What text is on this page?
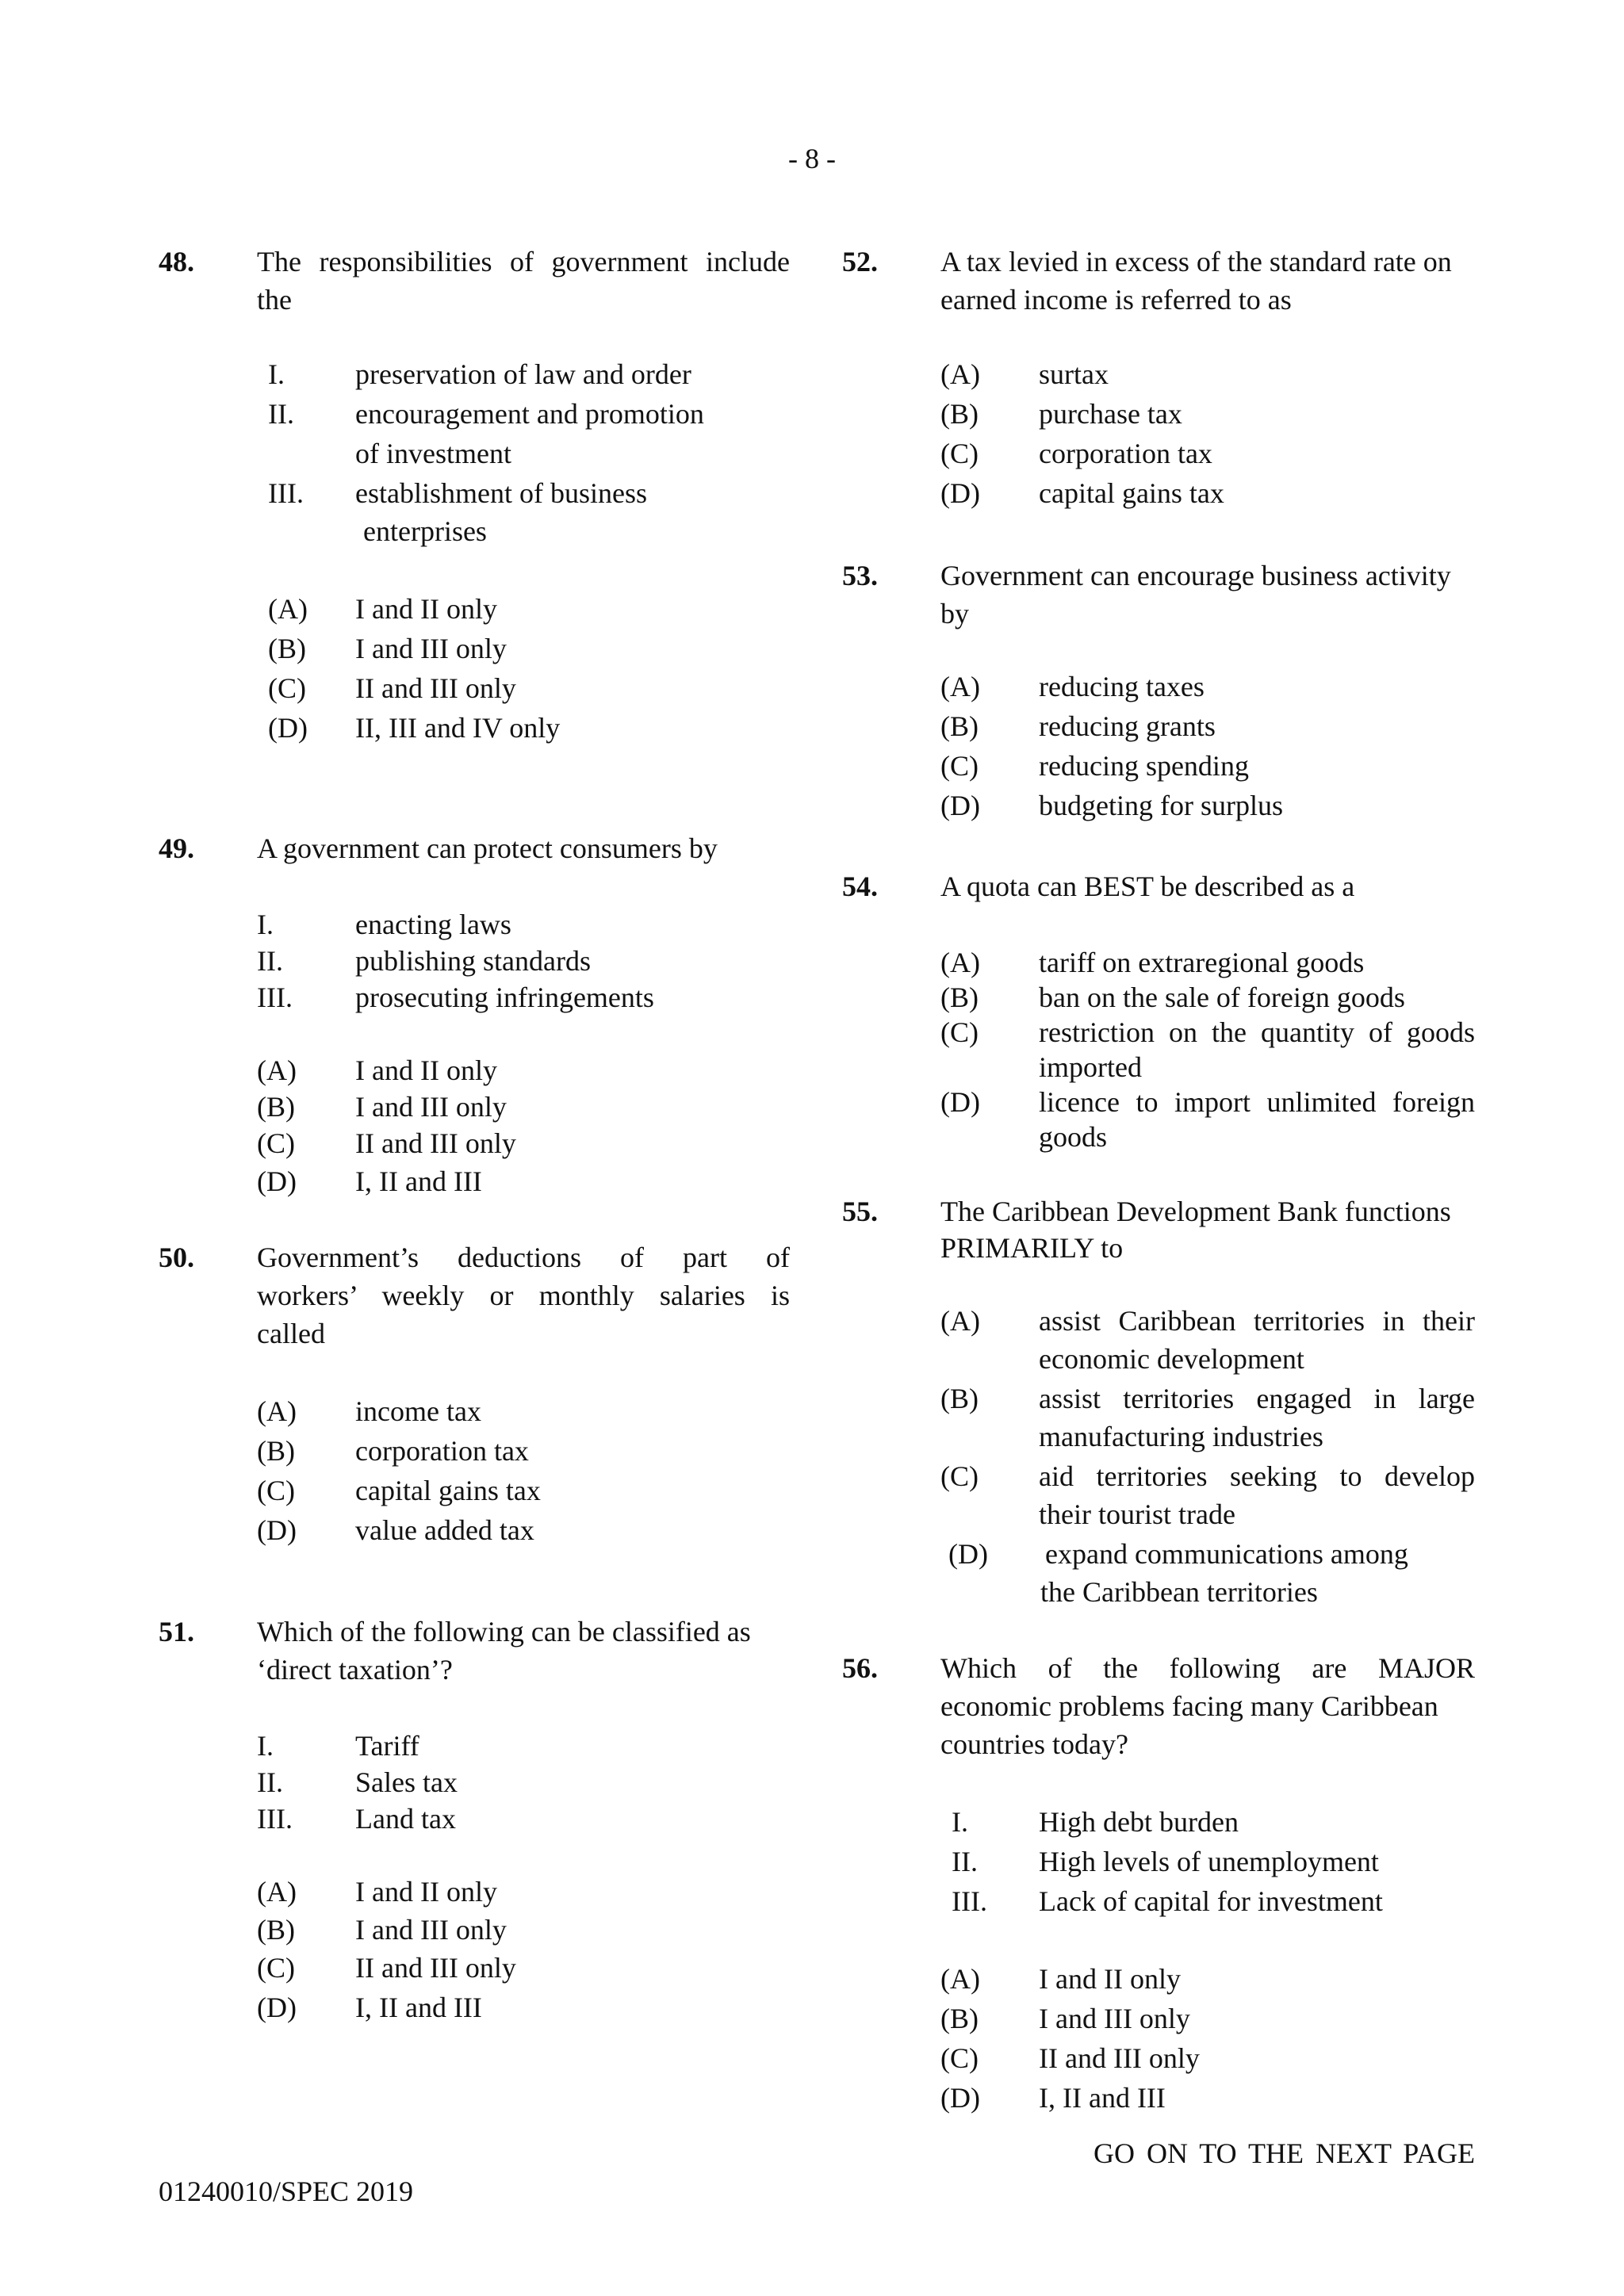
- 8 -
48. The responsibilities of government include
the
I. preservation of law and order
II. encouragement and promotion
of investment
III. establishment of business
enterprises
(A) I and II only
(B) I and III only
(C) II and III only
(D) II, III and IV only
49. A government can protect consumers by
I.	enacting laws
II.	publishing standards
III. prosecuting infringements
(A) I and II only
(B) I and III only
(C) II and III only
(D) I, II and III
50. Government’s deductions of part of
workers’ weekly or monthly salaries is
called
(A) income tax
(B) corporation tax
(C) capital gains tax
(D) value added tax
51. Which of the following can be classified as
‘direct taxation’?
I.	Tariff
II.	Sales tax
III. Land tax
(A) I and II only
(B) I and III only
(C) II and III only
(D) I, II and III
52. A tax levied in excess of the standard rate on
earned income is referred to as
(A) surtax
(B) purchase tax
(C) corporation tax
(D) capital gains tax
53. Government can encourage business activity
by
(A) reducing taxes
(B) reducing grants
(C) reducing spending
(D) budgeting for surplus
54. A quota can BEST be described as a
(A) tariff on extraregional goods
(B) ban on the sale of foreign goods
(C) restriction on the quantity of goods
imported
(D) licence to import unlimited foreign
goods
55. The Caribbean Development Bank functions
PRIMARILY to
(A) assist Caribbean territories in their
economic development
(B) assist territories engaged in large
manufacturing industries
(C) aid territories seeking to develop
their tourist trade
(D) expand communications among
the Caribbean territories
56. Which of the following are MAJOR
economic problems facing many Caribbean
countries today?
I. High debt burden
II. High levels of unemployment
III. Lack of capital for investment
(A) I and II only
(B) I and III only
(C) II and III only
(D) I, II and III
GO ON TO THE NEXT PAGE
01240010/SPEC 2019
